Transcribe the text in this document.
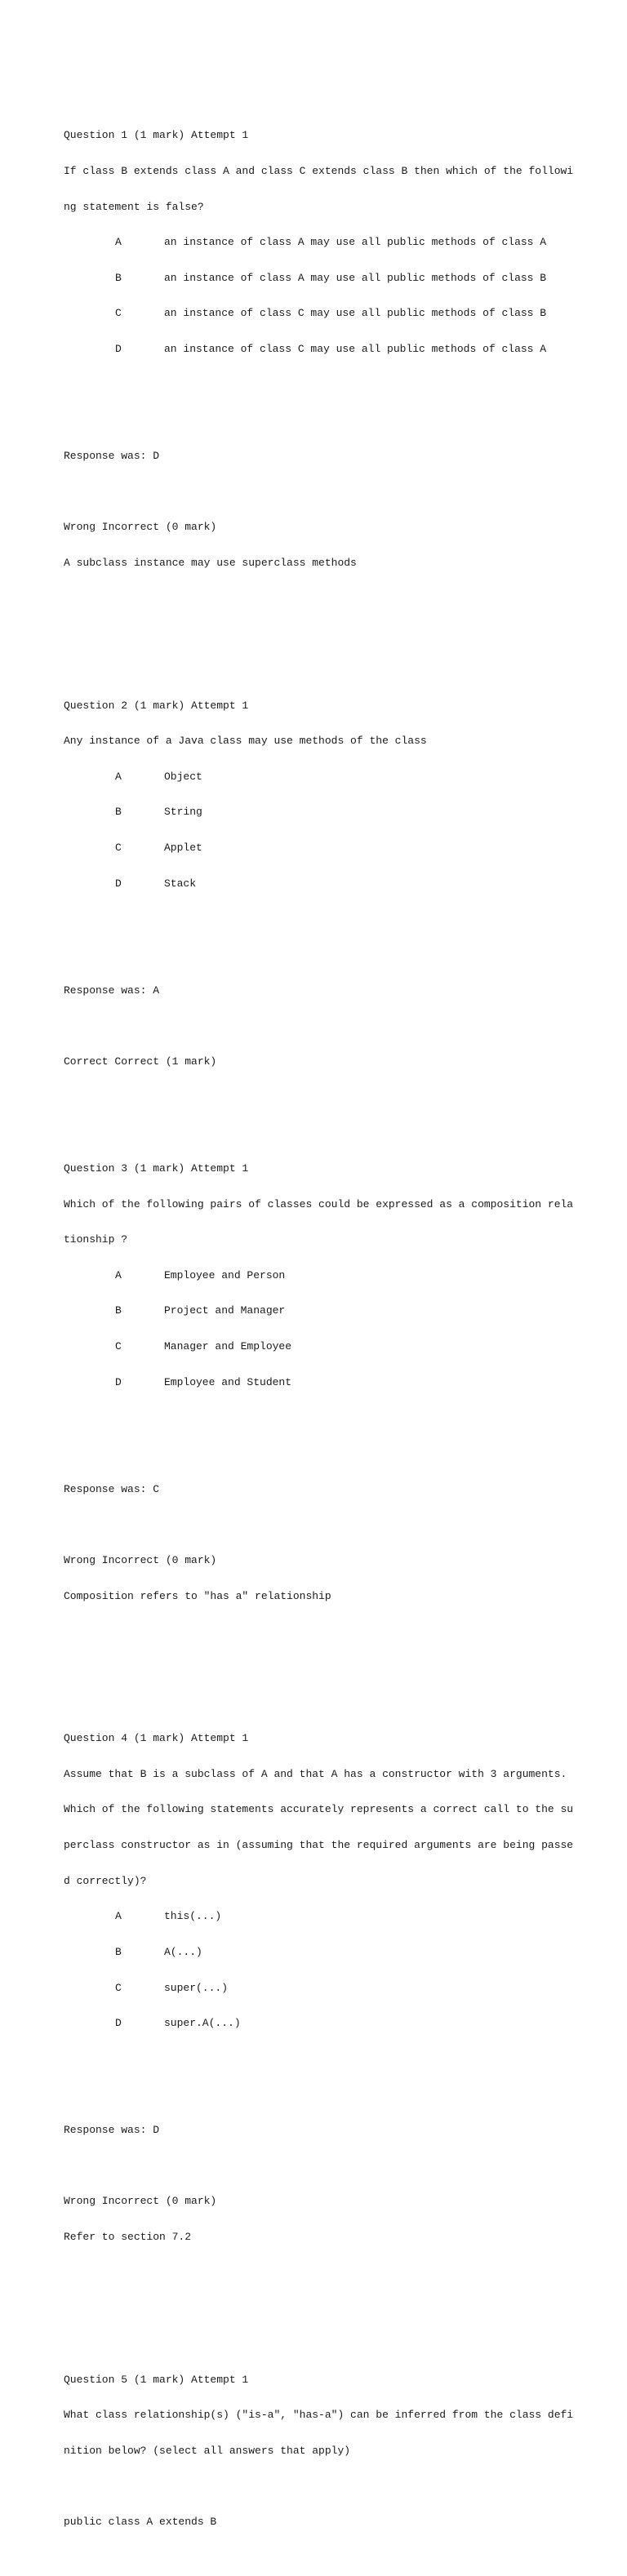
Question 1 (1 mark) Attempt 1

If class B extends class A and class C extends class B then which of the followi

ng statement is false?

A	an instance of class A may use all public methods of class A

B	an instance of class A may use all public methods of class B

C	an instance of class C may use all public methods of class B

D	an instance of class C may use all public methods of class A

Response was: D

Wrong Incorrect (0 mark)

A subclass instance may use superclass methods

Question 2 (1 mark) Attempt 1

Any instance of a Java class may use methods of the class

A	Object

B	String

C	Applet

D	Stack

Response was: A

Correct Correct (1 mark)

Question 3 (1 mark) Attempt 1

Which of the following pairs of classes could be expressed as a composition rela

tionship ?

A	Employee and Person

B	Project and Manager

C	Manager and Employee

D	Employee and Student

Response was: C

Wrong Incorrect (0 mark)

Composition refers to "has a" relationship

Question 4 (1 mark) Attempt 1

Assume that B is a subclass of A and that A has a constructor with 3 arguments.

Which of the following statements accurately represents a correct call to the su

perclass constructor as in (assuming that the required arguments are being passe

d correctly)?

A	this(...)

B	A(...)

C	super(...)

D	super.A(...)

Response was: D

Wrong Incorrect (0 mark)

Refer to section 7.2

Question 5 (1 mark) Attempt 1

What class relationship(s) ("is-a", "has-a") can be inferred from the class defi

nition below? (select all answers that apply)

public class A extends B
